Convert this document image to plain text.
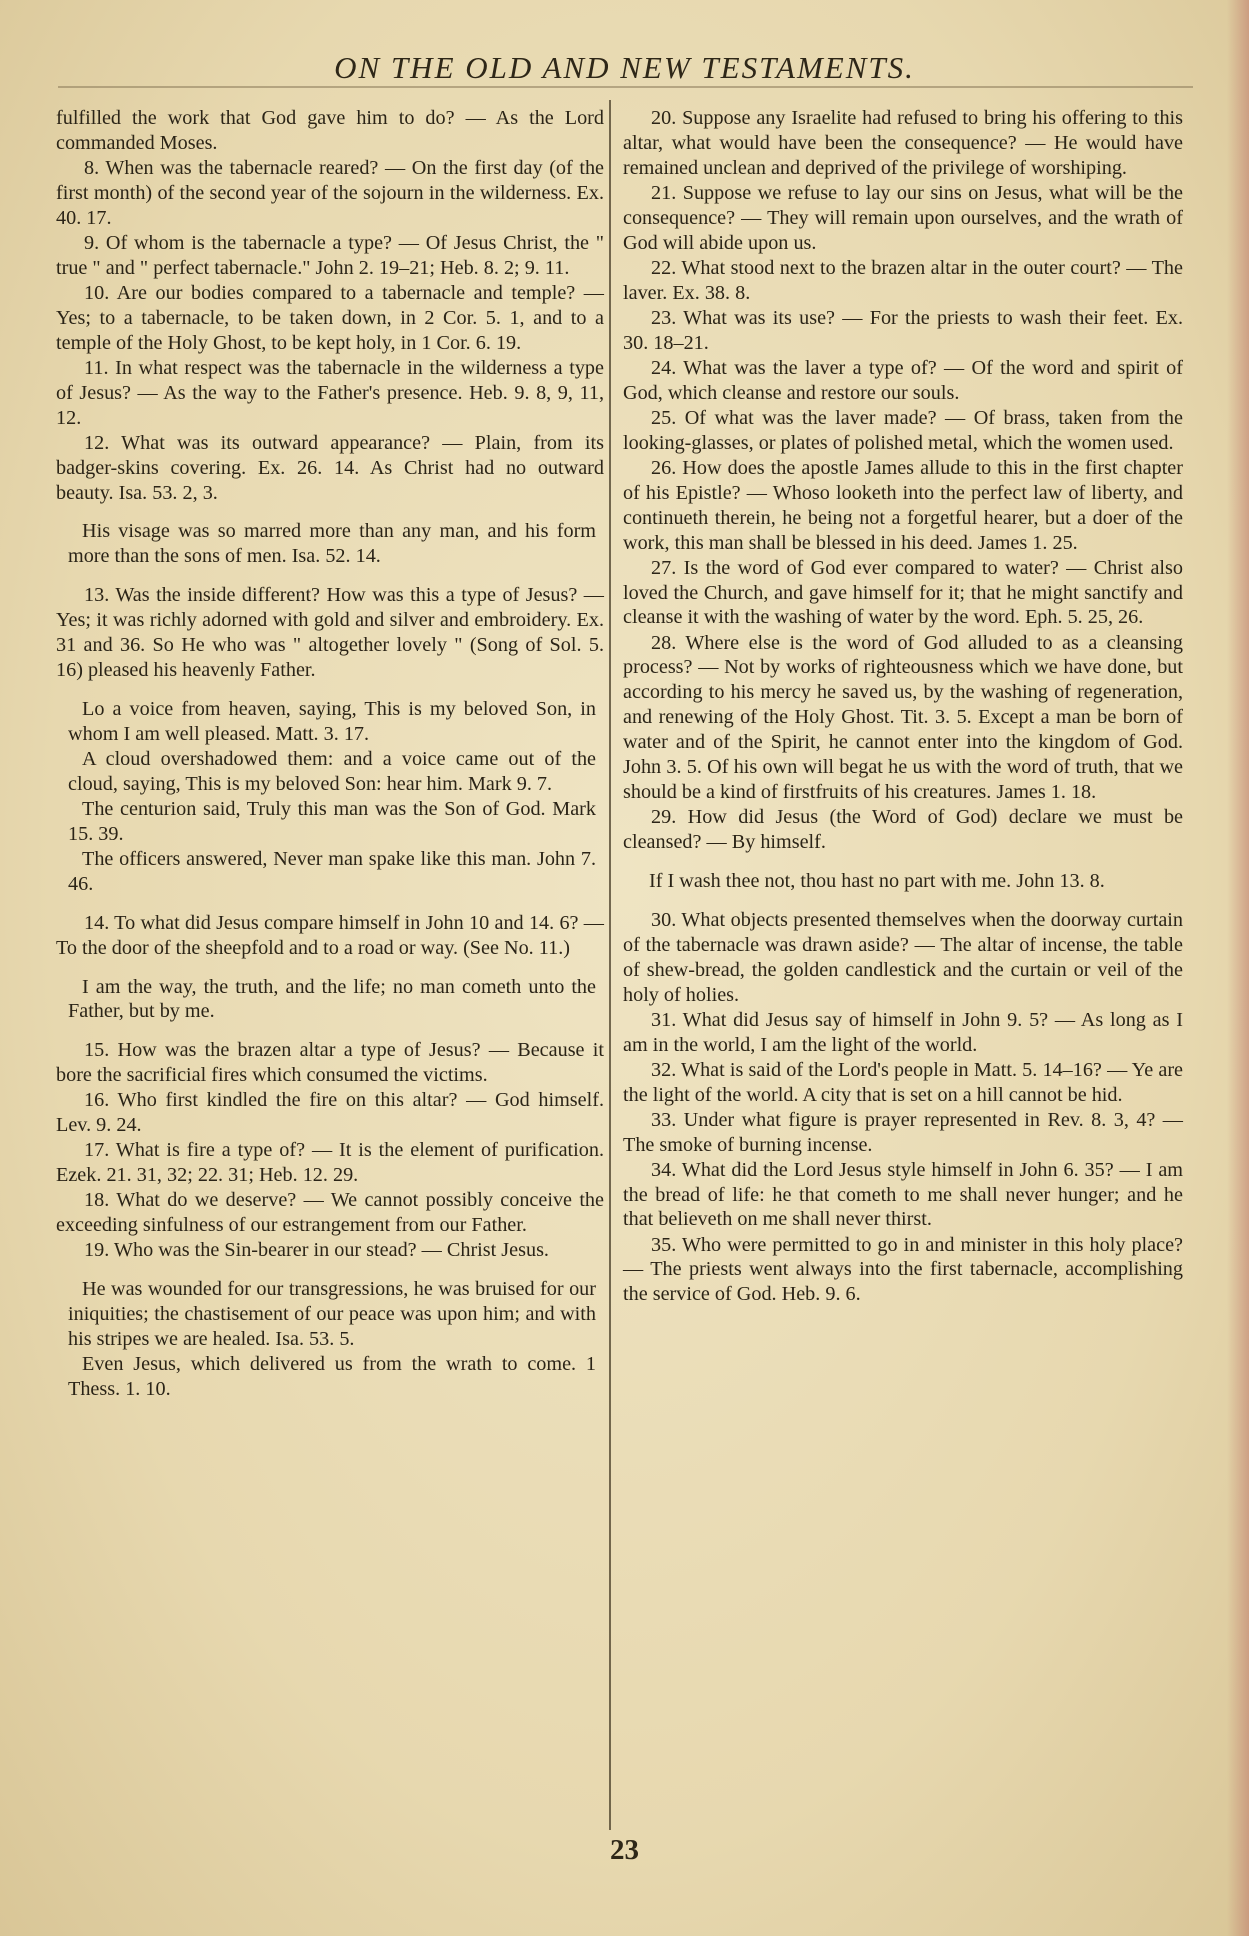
ON THE OLD AND NEW TESTAMENTS.

fulfilled the work that God gave him to do? — As the Lord commanded Moses.

8. When was the tabernacle reared? — On the first day (of the first month) of the second year of the sojourn in the wilderness. Ex. 40. 17.

9. Of whom is the tabernacle a type? — Of Jesus Christ, the " true " and " perfect tabernacle." John 2. 19–21; Heb. 8. 2; 9. 11.

10. Are our bodies compared to a tabernacle and temple? — Yes; to a tabernacle, to be taken down, in 2 Cor. 5. 1, and to a temple of the Holy Ghost, to be kept holy, in 1 Cor. 6. 19.

11. In what respect was the tabernacle in the wilderness a type of Jesus? — As the way to the Father's presence. Heb. 9. 8, 9, 11, 12.

12. What was its outward appearance? — Plain, from its badger-skins covering. Ex. 26. 14. As Christ had no outward beauty. Isa. 53. 2, 3.

His visage was so marred more than any man, and his form more than the sons of men. Isa. 52. 14.

13. Was the inside different? How was this a type of Jesus? — Yes; it was richly adorned with gold and silver and embroidery. Ex. 31 and 36. So He who was " altogether lovely " (Song of Sol. 5. 16) pleased his heavenly Father.

Lo a voice from heaven, saying, This is my beloved Son, in whom I am well pleased. Matt. 3. 17.

A cloud overshadowed them: and a voice came out of the cloud, saying, This is my beloved Son: hear him. Mark 9. 7.

The centurion said, Truly this man was the Son of God. Mark 15. 39.

The officers answered, Never man spake like this man. John 7. 46.

14. To what did Jesus compare himself in John 10 and 14. 6? — To the door of the sheepfold and to a road or way. (See No. 11.)

I am the way, the truth, and the life; no man cometh unto the Father, but by me.

15. How was the brazen altar a type of Jesus? — Because it bore the sacrificial fires which consumed the victims.

16. Who first kindled the fire on this altar? — God himself. Lev. 9. 24.

17. What is fire a type of? — It is the element of purification. Ezek. 21. 31, 32; 22. 31; Heb. 12. 29.

18. What do we deserve? — We cannot possibly conceive the exceeding sinfulness of our estrangement from our Father.

19. Who was the Sin-bearer in our stead? — Christ Jesus.

He was wounded for our transgressions, he was bruised for our iniquities; the chastisement of our peace was upon him; and with his stripes we are healed. Isa. 53. 5.

Even Jesus, which delivered us from the wrath to come. 1 Thess. 1. 10.

20. Suppose any Israelite had refused to bring his offering to this altar, what would have been the consequence? — He would have remained unclean and deprived of the privilege of worshiping.

21. Suppose we refuse to lay our sins on Jesus, what will be the consequence? — They will remain upon ourselves, and the wrath of God will abide upon us.

22. What stood next to the brazen altar in the outer court? — The laver. Ex. 38. 8.

23. What was its use? — For the priests to wash their feet. Ex. 30. 18–21.

24. What was the laver a type of? — Of the word and spirit of God, which cleanse and restore our souls.

25. Of what was the laver made? — Of brass, taken from the looking-glasses, or plates of polished metal, which the women used.

26. How does the apostle James allude to this in the first chapter of his Epistle? — Whoso looketh into the perfect law of liberty, and continueth therein, he being not a forgetful hearer, but a doer of the work, this man shall be blessed in his deed. James 1. 25.

27. Is the word of God ever compared to water? — Christ also loved the Church, and gave himself for it; that he might sanctify and cleanse it with the washing of water by the word. Eph. 5. 25, 26.

28. Where else is the word of God alluded to as a cleansing process? — Not by works of righteousness which we have done, but according to his mercy he saved us, by the washing of regeneration, and renewing of the Holy Ghost. Tit. 3. 5. Except a man be born of water and of the Spirit, he cannot enter into the kingdom of God. John 3. 5. Of his own will begat he us with the word of truth, that we should be a kind of firstfruits of his creatures. James 1. 18.

29. How did Jesus (the Word of God) declare we must be cleansed? — By himself.

If I wash thee not, thou hast no part with me. John 13. 8.

30. What objects presented themselves when the doorway curtain of the tabernacle was drawn aside? — The altar of incense, the table of shew-bread, the golden candlestick and the curtain or veil of the holy of holies.

31. What did Jesus say of himself in John 9. 5? — As long as I am in the world, I am the light of the world.

32. What is said of the Lord's people in Matt. 5. 14–16? — Ye are the light of the world. A city that is set on a hill cannot be hid.

33. Under what figure is prayer represented in Rev. 8. 3, 4? — The smoke of burning incense.

34. What did the Lord Jesus style himself in John 6. 35? — I am the bread of life: he that cometh to me shall never hunger; and he that believeth on me shall never thirst.

35. Who were permitted to go in and minister in this holy place? — The priests went always into the first tabernacle, accomplishing the service of God. Heb. 9. 6.

23
